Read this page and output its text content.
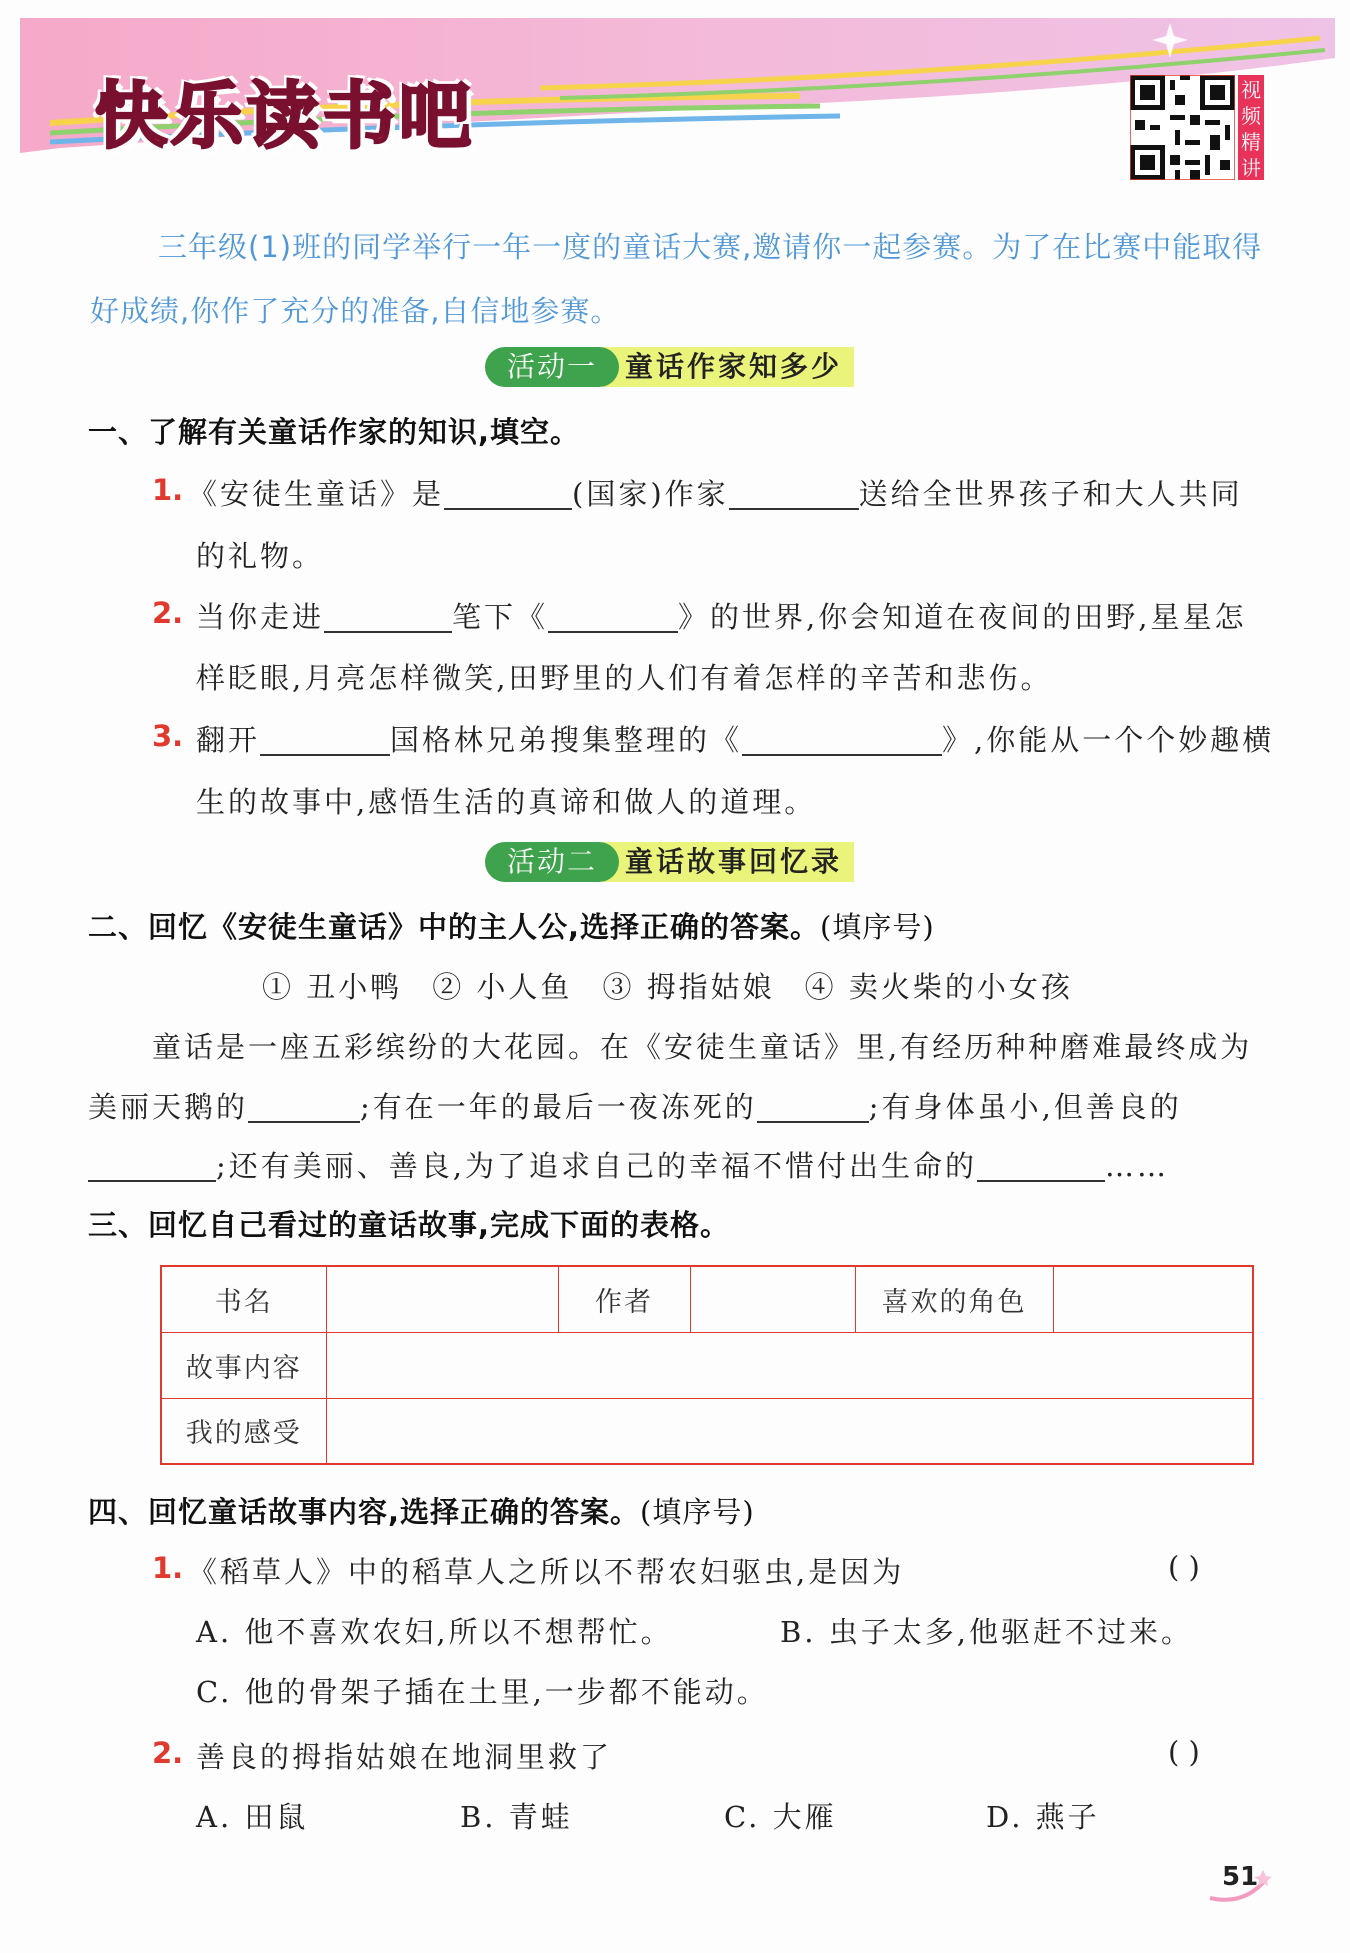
快乐读书吧	视频精讲
三年级(1)班的同学举行一年一度的童话大赛,邀请你一起参赛。为了在比赛中能取得好成绩,你作了充分的准备,自信地参赛。
活动一	童话作家知多少
一、了解有关童话作家的知识,填空。
1. 《安徒生童话》是	(国家)作家	送给全世界孩子和大人共同
的礼物。
2. 当你走进	笔下《	》的世界,你会知道在夜间的田野,星星怎
样眨眼,月亮怎样微笑,田野里的人们有着怎样的辛苦和悲伤。
3. 翻开	国格林兄弟搜集整理的《	》,你能从一个个妙趣横
生的故事中,感悟生活的真谛和做人的道理。
活动二	童话故事回忆录
二、回忆《安徒生童话》中的主人公,选择正确的答案。(填序号)
① 丑小鸭 ② 小人鱼 ③ 拇指姑娘 ④ 卖火柴的小女孩
童话是一座五彩缤纷的大花园。在《安徒生童话》里,有经历种种磨难最终成为
美丽天鹅的	;有在一年的最后一夜冻死的	;有身体虽小,但善良的
;还有美丽、善良,为了追求自己的幸福不惜付出生命的	……
三、回忆自己看过的童话故事,完成下面的表格。
书名		作者		喜欢的角色	
故事内容					
我的感受					
四、回忆童话故事内容,选择正确的答案。(填序号)
1. 《稻草人》中的稻草人之所以不帮农妇驱虫,是因为	( )
A. 他不喜欢农妇,所以不想帮忙。	B. 虫子太多,他驱赶不过来。
C. 他的骨架子插在土里,一步都不能动。
2. 善良的拇指姑娘在地洞里救了	( )
A. 田鼠	B. 青蛙	C. 大雁	D. 燕子
51
